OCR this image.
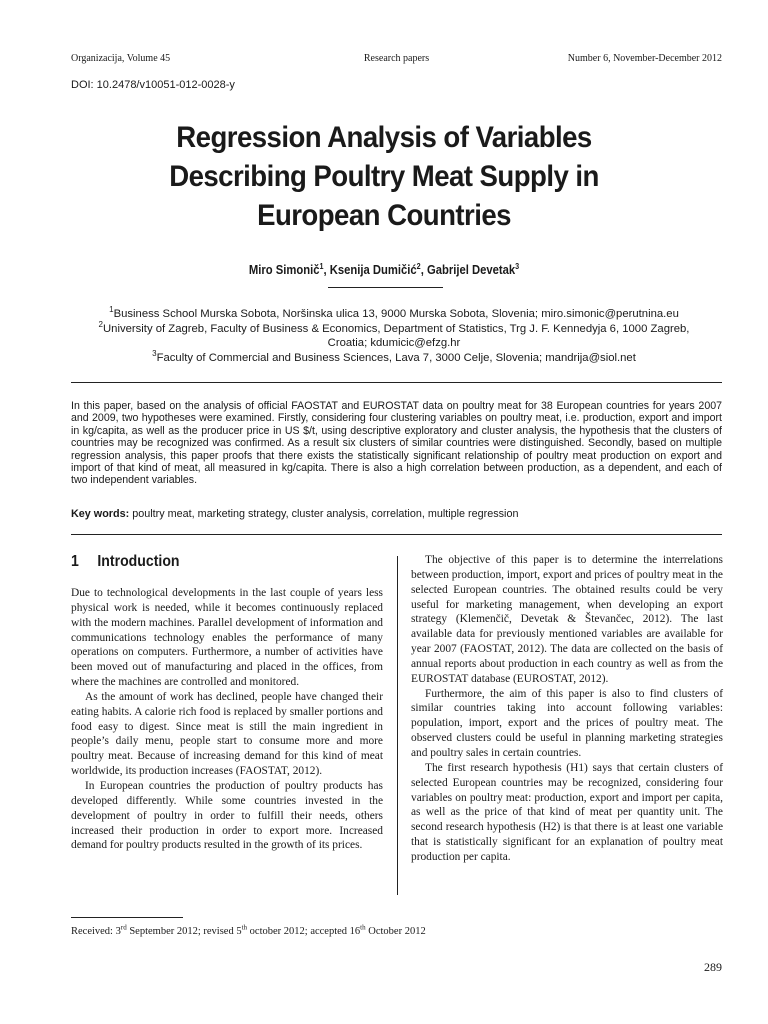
Organizacija, Volume 45	Research papers	Number 6, November-December 2012
DOI: 10.2478/v10051-012-0028-y
Regression Analysis of Variables
Describing Poultry Meat Supply in
European Countries
Miro Simonič$^1$, Ksenija Dumičić$^2$, Gabrijel Devetak$^3$
$^1$Business School Murska Sobota, Noršinska ulica 13, 9000 Murska Sobota, Slovenia; miro.simonic@perutnina.eu
$^2$University of Zagreb, Faculty of Business & Economics, Department of Statistics, Trg J. F. Kennedyja 6, 1000 Zagreb,
Croatia; kdumicic@efzg.hr
$^3$Faculty of Commercial and Business Sciences, Lava 7, 3000 Celje, Slovenia; mandrija@siol.net

In this paper, based on the analysis of official FAOSTAT and EUROSTAT data on poultry meat for 38 European countries for years 2007 and 2009, two hypotheses were examined. Firstly, considering four clustering variables on poultry meat, i.e. production, export and import in kg/capita, as well as the producer price in US $/t, using descriptive exploratory and cluster analysis, the hypothesis that the clusters of countries may be recognized was confirmed. As a result six clusters of similar countries were distinguished. Secondly, based on multiple regression analysis, this paper proofs that there exists the statistically significant relationship of poultry meat production on export and import of that kind of meat, all measured in kg/capita. There is also a high correlation between production, as a dependent, and each of two independent variables.

Key words: poultry meat, marketing strategy, cluster analysis, correlation, multiple regression
1 Introduction

Due to technological developments in the last couple of years less physical work is needed, while it becomes continuously replaced with the modern machines. Parallel development of information and communications technology enables the performance of many operations on computers. Furthermore, a number of activities have been moved out of manufacturing and placed in the offices, from where the machines are controlled and monitored.

As the amount of work has declined, people have changed their eating habits. A calorie rich food is replaced by smaller portions and food easy to digest. Since meat is still the main ingredient in people’s daily menu, people start to consume more and more poultry meat. Because of increasing demand for this kind of meat worldwide, its production increases (FAOSTAT, 2012).

In European countries the production of poultry products has developed differently. While some countries invested in the development of poultry in order to fulfill their needs, others increased their production in order to export more. Increased demand for poultry products resulted in the growth of its prices.

The objective of this paper is to determine the interrelations between production, import, export and prices of poultry meat in the selected European countries. The obtained results could be very useful for marketing management, when developing an export strategy (Klemenčič, Devetak & Števančec, 2012). The last available data for previously mentioned variables are available for year 2007 (FAOSTAT, 2012). The data are collected on the basis of annual reports about production in each country as well as from the EUROSTAT database (EUROSTAT, 2012).

Furthermore, the aim of this paper is also to find clusters of similar countries taking into account following variables: population, import, export and the prices of poultry meat. The observed clusters could be useful in planning marketing strategies and poultry sales in certain countries.

The first research hypothesis (H1) says that certain clusters of selected European countries may be recognized, considering four variables on poultry meat: production, export and import per capita, as well as the price of that kind of meat per quantity unit. The second research hypothesis (H2) is that there is at least one variable that is statistically significant for an explanation of poultry meat production per capita.

Received: 3rd September 2012; revised 5th october 2012; accepted 16th October 2012
289
